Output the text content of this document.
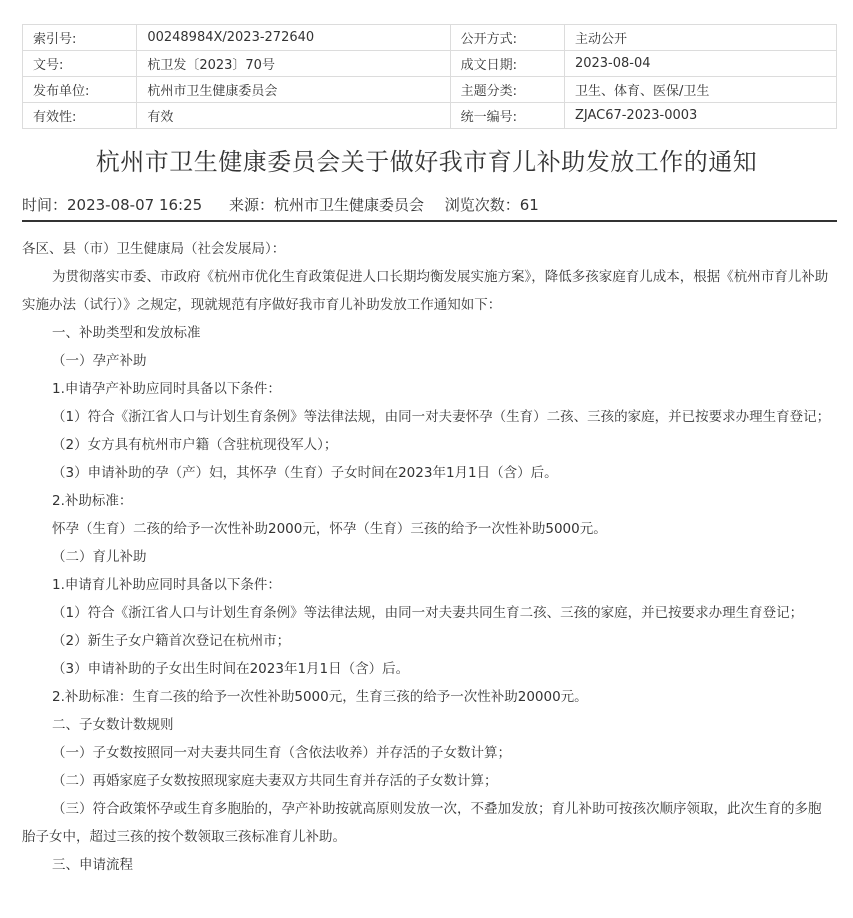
索引号:	00248984X/2023-272640	公开方式:	主动公开
文号:	杭卫发〔2023〕70号	成文日期:	2023-08-04
发布单位:	杭州市卫生健康委员会	主题分类:	卫生、体育、医保/卫生
有效性:	有效	统一编号:	ZJAC67-2023-0003
杭州市卫生健康委员会关于做好我市育儿补助发放工作的通知
时间：2023-08-07 16:25 来源：杭州市卫生健康委员会 浏览次数：61

各区、县（市）卫生健康局（社会发展局）：

为贯彻落实市委、市政府《杭州市优化生育政策促进人口长期均衡发展实施方案》，降低多孩家庭育儿成本，根据《杭州市育儿补助实施办法（试行）》之规定，现就规范有序做好我市育儿补助发放工作通知如下：

一、补助类型和发放标准

（一）孕产补助

1.申请孕产补助应同时具备以下条件：

（1）符合《浙江省人口与计划生育条例》等法律法规，由同一对夫妻怀孕（生育）二孩、三孩的家庭，并已按要求办理生育登记；

（2）女方具有杭州市户籍（含驻杭现役军人）；

（3）申请补助的孕（产）妇，其怀孕（生育）子女时间在2023年1月1日（含）后。

2.补助标准：

怀孕（生育）二孩的给予一次性补助2000元，怀孕（生育）三孩的给予一次性补助5000元。

（二）育儿补助

1.申请育儿补助应同时具备以下条件：

（1）符合《浙江省人口与计划生育条例》等法律法规，由同一对夫妻共同生育二孩、三孩的家庭，并已按要求办理生育登记；

（2）新生子女户籍首次登记在杭州市；

（3）申请补助的子女出生时间在2023年1月1日（含）后。

2.补助标准：生育二孩的给予一次性补助5000元，生育三孩的给予一次性补助20000元。

二、子女数计数规则

（一）子女数按照同一对夫妻共同生育（含依法收养）并存活的子女数计算；

（二）再婚家庭子女数按照现家庭夫妻双方共同生育并存活的子女数计算；

（三）符合政策怀孕或生育多胞胎的，孕产补助按就高原则发放一次，不叠加发放；育儿补助可按孩次顺序领取，此次生育的多胞胎子女中，超过三孩的按个数领取三孩标准育儿补助。

三、申请流程
